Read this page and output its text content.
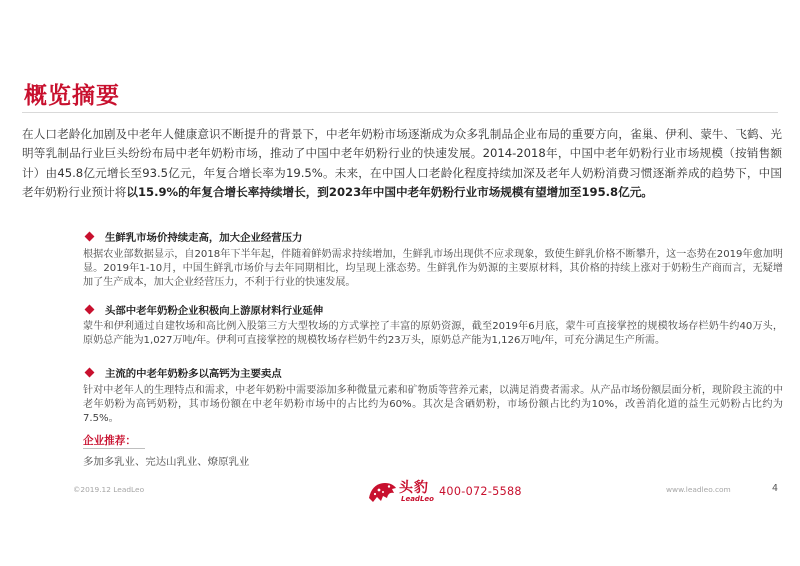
概览摘要
在人口老龄化加剧及中老年人健康意识不断提升的背景下，中老年奶粉市场逐渐成为众多乳制品企业布局的重要方向，雀巢、伊利、蒙牛、飞鹤、光明等乳制品行业巨头纷纷布局中老年奶粉市场，推动了中国中老年奶粉行业的快速发展。2014-2018年，中国中老年奶粉行业市场规模（按销售额计）由45.8亿元增长至93.5亿元，年复合增长率为19.5%。未来，在中国人口老龄化程度持续加深及老年人奶粉消费习惯逐渐养成的趋势下，中国老年奶粉行业预计将以15.9%的年复合增长率持续增长，到2023年中国中老年奶粉行业市场规模有望增加至195.8亿元。
生鲜乳市场价持续走高，加大企业经营压力
根据农业部数据显示，自2018年下半年起，伴随着鲜奶需求持续增加，生鲜乳市场出现供不应求现象，致使生鲜乳价格不断攀升，这一态势在2019年愈加明显。2019年1-10月，中国生鲜乳市场价与去年同期相比，均呈现上涨态势。生鲜乳作为奶源的主要原材料，其价格的持续上涨对于奶粉生产商而言，无疑增加了生产成本，加大企业经营压力，不利于行业的快速发展。
头部中老年奶粉企业积极向上游原材料行业延伸
蒙牛和伊利通过自建牧场和高比例入股第三方大型牧场的方式掌控了丰富的原奶资源，截至2019年6月底，蒙牛可直接掌控的规模牧场存栏奶牛约40万头，原奶总产能为1,027万吨/年。伊利可直接掌控的规模牧场存栏奶牛约23万头，原奶总产能为1,126万吨/年，可充分满足生产所需。
主流的中老年奶粉多以高钙为主要卖点
针对中老年人的生理特点和需求，中老年奶粉中需要添加多种微量元素和矿物质等营养元素，以满足消费者需求。从产品市场份额层面分析，现阶段主流的中老年奶粉为高钙奶粉，其市场份额在中老年奶粉市场中的占比约为60%。其次是含硒奶粉，市场份额占比约为10%，改善消化道的益生元奶粉占比约为7.5%。
企业推荐：
多加多乳业、完达山乳业、燎原乳业
©2019.12 LeadLeo	头豹
LeadLeo
400-072-5588	www.leadleo.com	4
